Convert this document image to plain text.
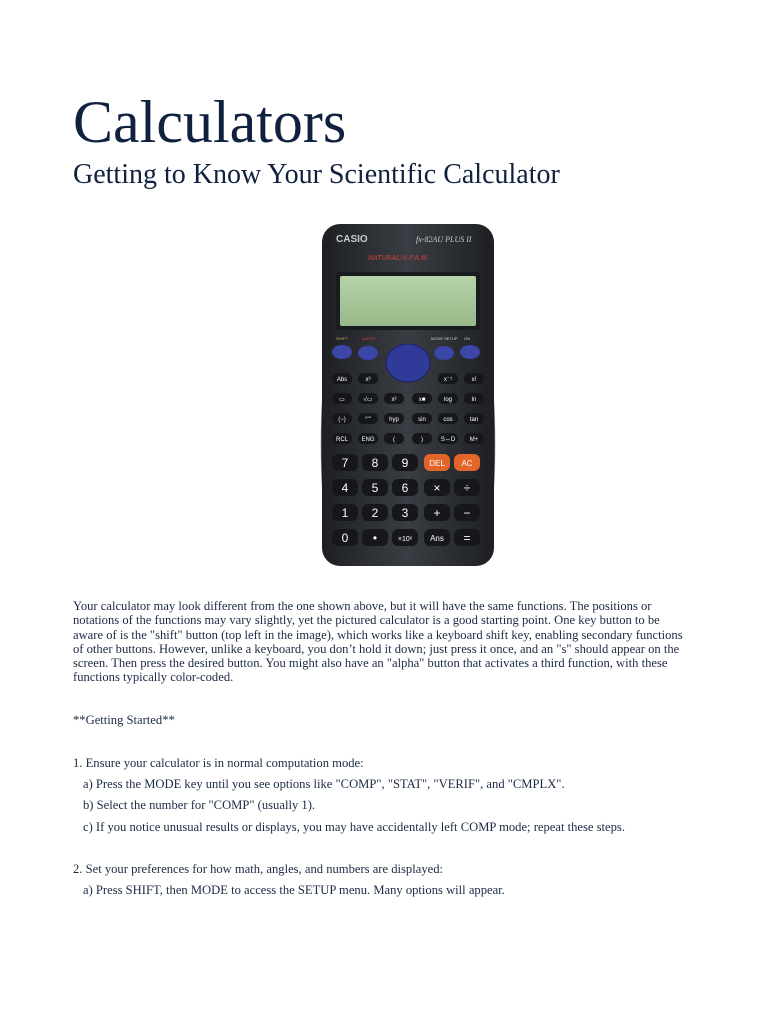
Calculators
Getting to Know Your Scientific Calculator
CASIO	fx-82AU PLUS II
NATURAL-V.P.A.M.
SHIFT	ALPHA	MODE SETUP ON
Abs	x³	x⁻¹	x!
▭	√▭	x²	x■	log	ln
(−)	°'"	hyp	sin	cos	tan
RCL ENG	(	)	S⇔D M+
7 8 9	DEL AC
4 5 6 × ÷
1 2 3 + −
0 •	×10ˣ Ans =

Your calculator may look different from the one shown above, but it will have the same functions. The positions or notations of the functions may vary slightly, yet the pictured calculator is a good starting point. One key button to be aware of is the "shift" button (top left in the image), which works like a keyboard shift key, enabling secondary functions of other buttons. However, unlike a keyboard, you don’t hold it down; just press it once, and an "s" should appear on the screen. Then press the desired button. You might also have an "alpha" button that activates a third function, with these functions typically color-coded.

**Getting Started**
1. Ensure your calculator is in normal computation mode:
a) Press the MODE key until you see options like "COMP", "STAT", "VERIF", and "CMPLX".
b) Select the number for "COMP" (usually 1).
c) If you notice unusual results or displays, you may have accidentally left COMP mode; repeat these steps.
2. Set your preferences for how math, angles, and numbers are displayed:
a) Press SHIFT, then MODE to access the SETUP menu. Many options will appear.
